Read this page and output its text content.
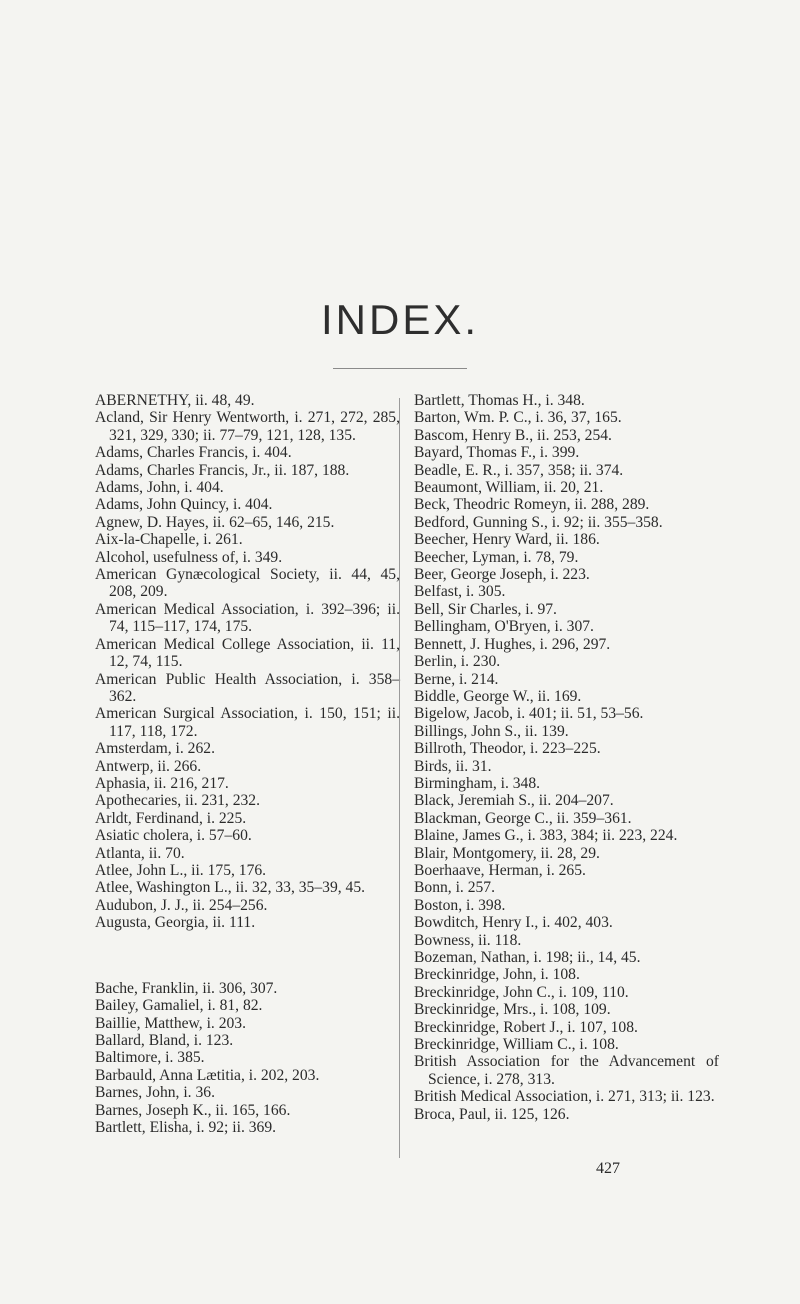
INDEX.

ABERNETHY, ii. 48, 49.

Acland, Sir Henry Wentworth, i. 271, 272, 285, 321, 329, 330; ii. 77–79, 121, 128, 135.

Adams, Charles Francis, i. 404.

Adams, Charles Francis, Jr., ii. 187, 188.

Adams, John, i. 404.

Adams, John Quincy, i. 404.

Agnew, D. Hayes, ii. 62–65, 146, 215.

Aix-la-Chapelle, i. 261.

Alcohol, usefulness of, i. 349.

American Gynæcological Society, ii. 44, 45, 208, 209.

American Medical Association, i. 392–396; ii. 74, 115–117, 174, 175.

American Medical College Association, ii. 11, 12, 74, 115.

American Public Health Association, i. 358–362.

American Surgical Association, i. 150, 151; ii. 117, 118, 172.

Amsterdam, i. 262.

Antwerp, ii. 266.

Aphasia, ii. 216, 217.

Apothecaries, ii. 231, 232.

Arldt, Ferdinand, i. 225.

Asiatic cholera, i. 57–60.

Atlanta, ii. 70.

Atlee, John L., ii. 175, 176.

Atlee, Washington L., ii. 32, 33, 35–39, 45.

Audubon, J. J., ii. 254–256.

Augusta, Georgia, ii. 111.

Bache, Franklin, ii. 306, 307.

Bailey, Gamaliel, i. 81, 82.

Baillie, Matthew, i. 203.

Ballard, Bland, i. 123.

Baltimore, i. 385.

Barbauld, Anna Lætitia, i. 202, 203.

Barnes, John, i. 36.

Barnes, Joseph K., ii. 165, 166.

Bartlett, Elisha, i. 92; ii. 369.

Bartlett, Thomas H., i. 348.

Barton, Wm. P. C., i. 36, 37, 165.

Bascom, Henry B., ii. 253, 254.

Bayard, Thomas F., i. 399.

Beadle, E. R., i. 357, 358; ii. 374.

Beaumont, William, ii. 20, 21.

Beck, Theodric Romeyn, ii. 288, 289.

Bedford, Gunning S., i. 92; ii. 355–358.

Beecher, Henry Ward, ii. 186.

Beecher, Lyman, i. 78, 79.

Beer, George Joseph, i. 223.

Belfast, i. 305.

Bell, Sir Charles, i. 97.

Bellingham, O'Bryen, i. 307.

Bennett, J. Hughes, i. 296, 297.

Berlin, i. 230.

Berne, i. 214.

Biddle, George W., ii. 169.

Bigelow, Jacob, i. 401; ii. 51, 53–56.

Billings, John S., ii. 139.

Billroth, Theodor, i. 223–225.

Birds, ii. 31.

Birmingham, i. 348.

Black, Jeremiah S., ii. 204–207.

Blackman, George C., ii. 359–361.

Blaine, James G., i. 383, 384; ii. 223, 224.

Blair, Montgomery, ii. 28, 29.

Boerhaave, Herman, i. 265.

Bonn, i. 257.

Boston, i. 398.

Bowditch, Henry I., i. 402, 403.

Bowness, ii. 118.

Bozeman, Nathan, i. 198; ii., 14, 45.

Breckinridge, John, i. 108.

Breckinridge, John C., i. 109, 110.

Breckinridge, Mrs., i. 108, 109.

Breckinridge, Robert J., i. 107, 108.

Breckinridge, William C., i. 108.

British Association for the Advancement of Science, i. 278, 313.

British Medical Association, i. 271, 313; ii. 123.

Broca, Paul, ii. 125, 126.

427
